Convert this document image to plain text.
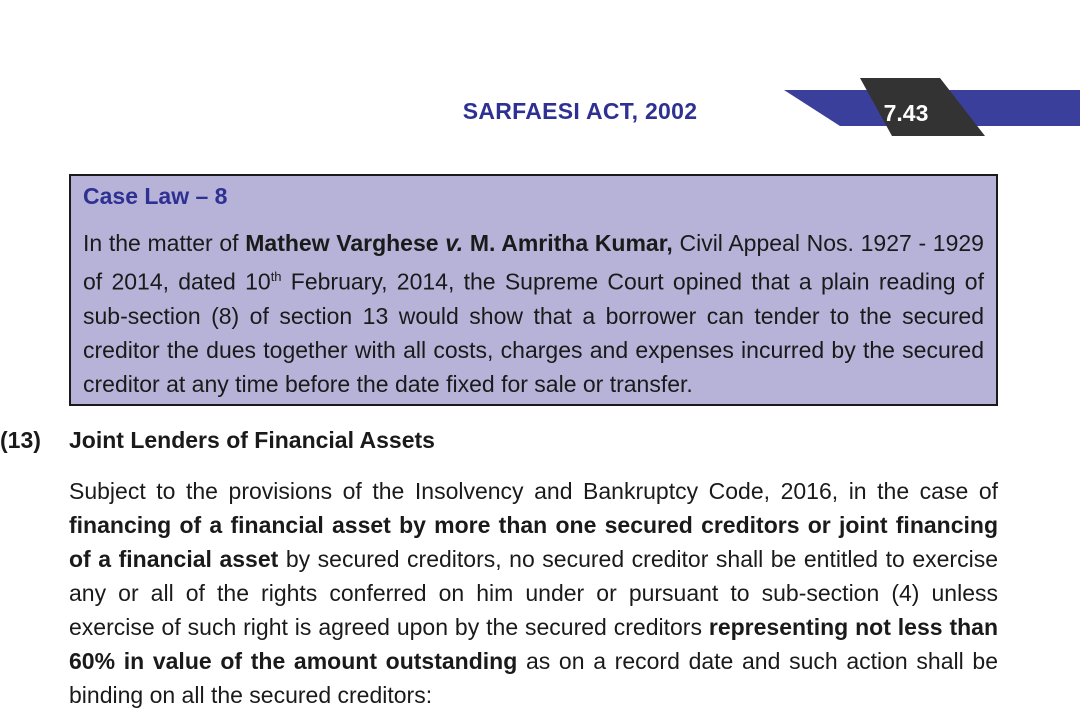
SARFAESI ACT, 2002	7.43
Case Law – 8
In the matter of Mathew Varghese v. M. Amritha Kumar, Civil Appeal Nos. 1927 - 1929 of 2014, dated 10th February, 2014, the Supreme Court opined that a plain reading of sub-section (8) of section 13 would show that a borrower can tender to the secured creditor the dues together with all costs, charges and expenses incurred by the secured creditor at any time before the date fixed for sale or transfer.
(13) Joint Lenders of Financial Assets
Subject to the provisions of the Insolvency and Bankruptcy Code, 2016, in the case of financing of a financial asset by more than one secured creditors or joint financing of a financial asset by secured creditors, no secured creditor shall be entitled to exercise any or all of the rights conferred on him under or pursuant to sub-section (4) unless exercise of such right is agreed upon by the secured creditors representing not less than 60% in value of the amount outstanding as on a record date and such action shall be binding on all the secured creditors:
